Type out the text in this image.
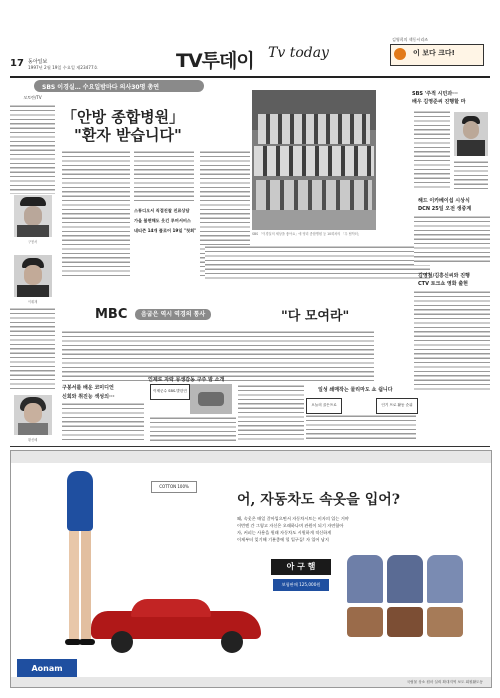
17 동아일보
1997년 2월 19일 수요일 제23477호	TV투데이 Tv today
김영희의 색동시리즈
이 보다 크다!
SBS 이경실… 수요일밤마다 의사30명 총연
모토란/TV
구봉서
이휘재
황신혜
「안방 종합병원」
"환자 받습니다"
스튜디오서 직접진찰 진료상담
가을 불면해도 웃긴 루머서비스
네티즌 14개 플로어 19일 "첫회"
SBS 「이경실의 세상을 좋아요」에 영리 종합병원 등 10회차의 「우 팀닥터」
SBS '주적 시민과···
배우 김영준씨 진행할 마
해드 이카베이섭 시상식
DCN 25일 오전 생중계
김영철/김흥신씨와 진행
CTV 토크쇼 영화 출현
MBC 음굽은 역시 역경의 통사	"다 모여라"
구봉서를 배운 코미디언
신회와 취진능 색성의···
인제로 자락 뮤생감동 구주 밤 소개
이제군수 SBS-발한민	일성 쇄매작는 물리마도 쇼 쉽니다
오늘의 골든프로	인기 프로 활동 순위
COTTON 100%
어, 자동차도 속옷을 입어?
왜, 속옷은 매일 갈아입으면서 자동차시트는 비자의 입는 거야
이번엔 간 그렇고 자신은 오래하나며 관원이 되기 자연합아
자, 커피는 사용을 원래 자동차도 시원하게 적신하게
이제부터 잊기해 기분좋에 힐 입구들! 자 입어 남지
아 구 햄
보험판매 125,000원
Aonam
국립물 상소 원마 실뢰 확대지역 보도 회원활도동
